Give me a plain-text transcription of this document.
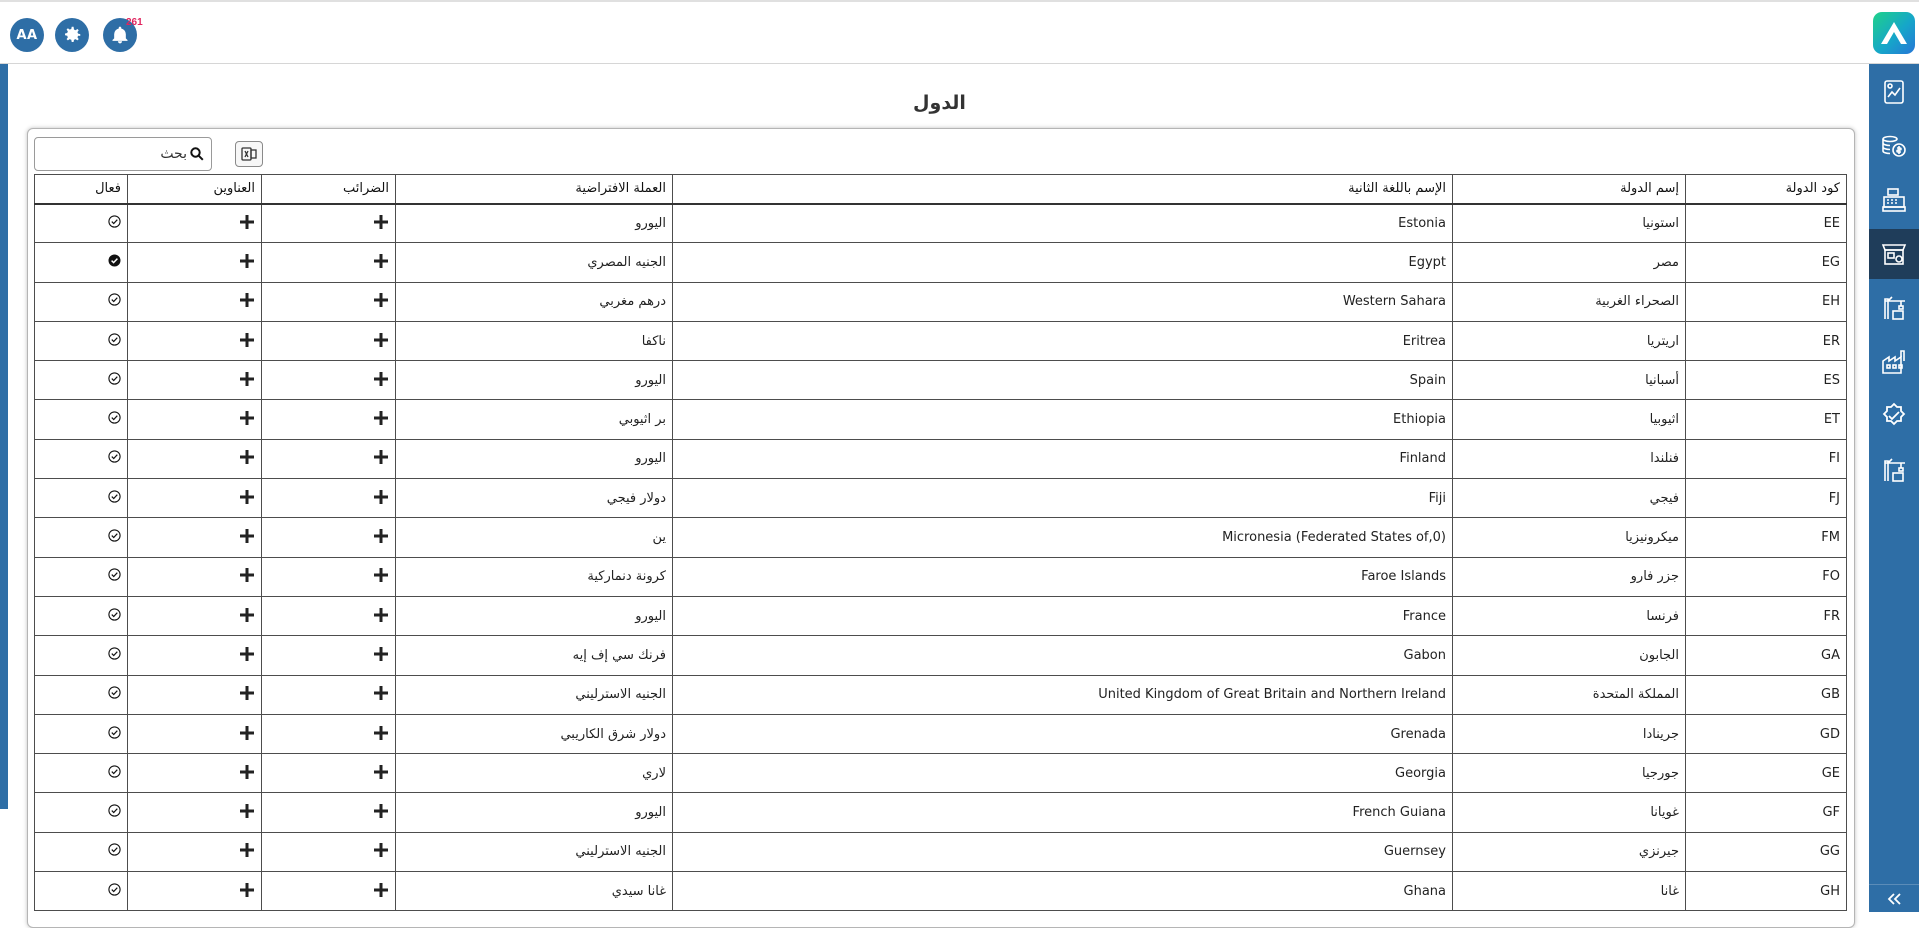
AA
261
الدول
بحث
كود الدولة	إسم الدولة	الإسم باللغة الثانية	العملة الافتراضية	الضرائب	العناوين	فعال
EE	استونيا	Estonia	اليورو			
EG	مصر	Egypt	الجنيه المصري			
EH	الصحراء الغربية	Western Sahara	درهم مغربي			
ER	اريتريا	Eritrea	ناكفا			
ES	أسبانيا	Spain	اليورو			
ET	اثيوبيا	Ethiopia	بر اثيوبي			
FI	فنلندا	Finland	اليورو			
FJ	فيجي	Fiji	دولار فيجي			
FM	ميكرونيزيا	Micronesia (Federated States of,0)	ين			
FO	جزر فارو	Faroe Islands	كرونة دنماركية			
FR	فرنسا	France	اليورو			
GA	الجابون	Gabon	فرنك سي إف إيه			
GB	المملكة المتحدة	United Kingdom of Great Britain and Northern Ireland	الجنيه الاسترليني			
GD	جرينادا	Grenada	دولار شرق الكاريبي			
GE	جورجيا	Georgia	لاري			
GF	غويانا	French Guiana	اليورو			
GG	جيرنزي	Guernsey	الجنيه الاسترليني			
GH	غانا	Ghana	غانا سيدي			
